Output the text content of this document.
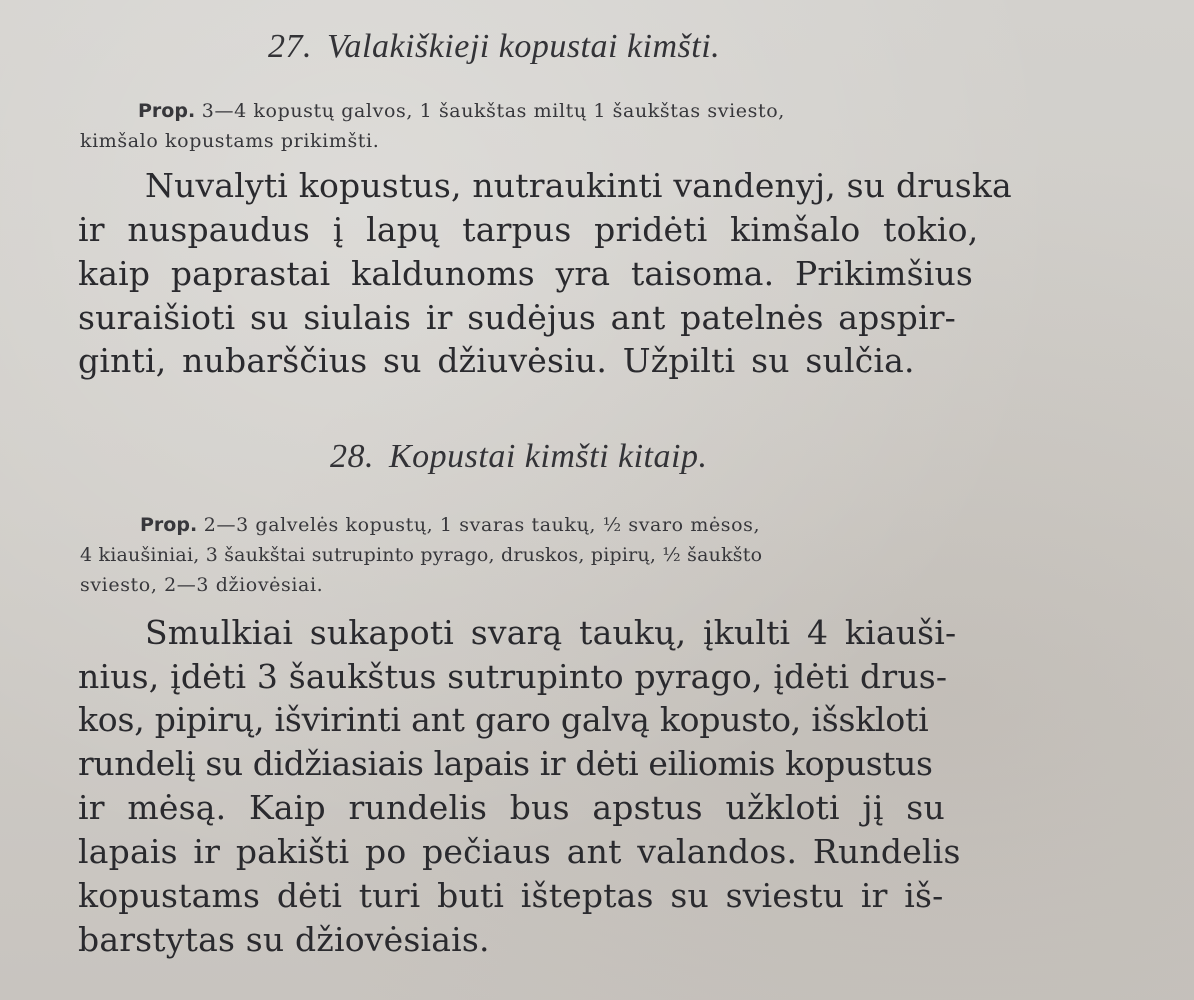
27. Valakiškieji kopustai kimšti.
Prop. 3—4 kopustų galvos, 1 šaukštas miltų 1 šaukštas sviesto,
kimšalo kopustams prikimšti.
Nuvalyti kopustus, nutraukinti vandenyj, su druska
ir nuspaudus į lapų tarpus pridėti kimšalo tokio,
kaip paprastai kaldunoms yra taisoma. Prikimšius
suraišioti su siulais ir sudėjus ant patelnės apspir-
ginti, nubarščius su džiuvėsiu. Užpilti su sulčia.
28. Kopustai kimšti kitaip.
Prop. 2—3 galvelės kopustų, 1 svaras taukų, ½ svaro mėsos,
4 kiaušiniai, 3 šaukštai sutrupinto pyrago, druskos, pipirų, ½ šaukšto
sviesto, 2—3 džiovėsiai.
Smulkiai sukapoti svarą taukų, įkulti 4 kiauši-
nius, įdėti 3 šaukštus sutrupinto pyrago, įdėti drus-
kos, pipirų, išvirinti ant garo galvą kopusto, išskloti
rundelį su didžiasiais lapais ir dėti eiliomis kopustus
ir mėsą. Kaip rundelis bus apstus užkloti jį su
lapais ir pakišti po pečiaus ant valandos. Rundelis
kopustams dėti turi buti išteptas su sviestu ir iš-
barstytas su džiovėsiais.
